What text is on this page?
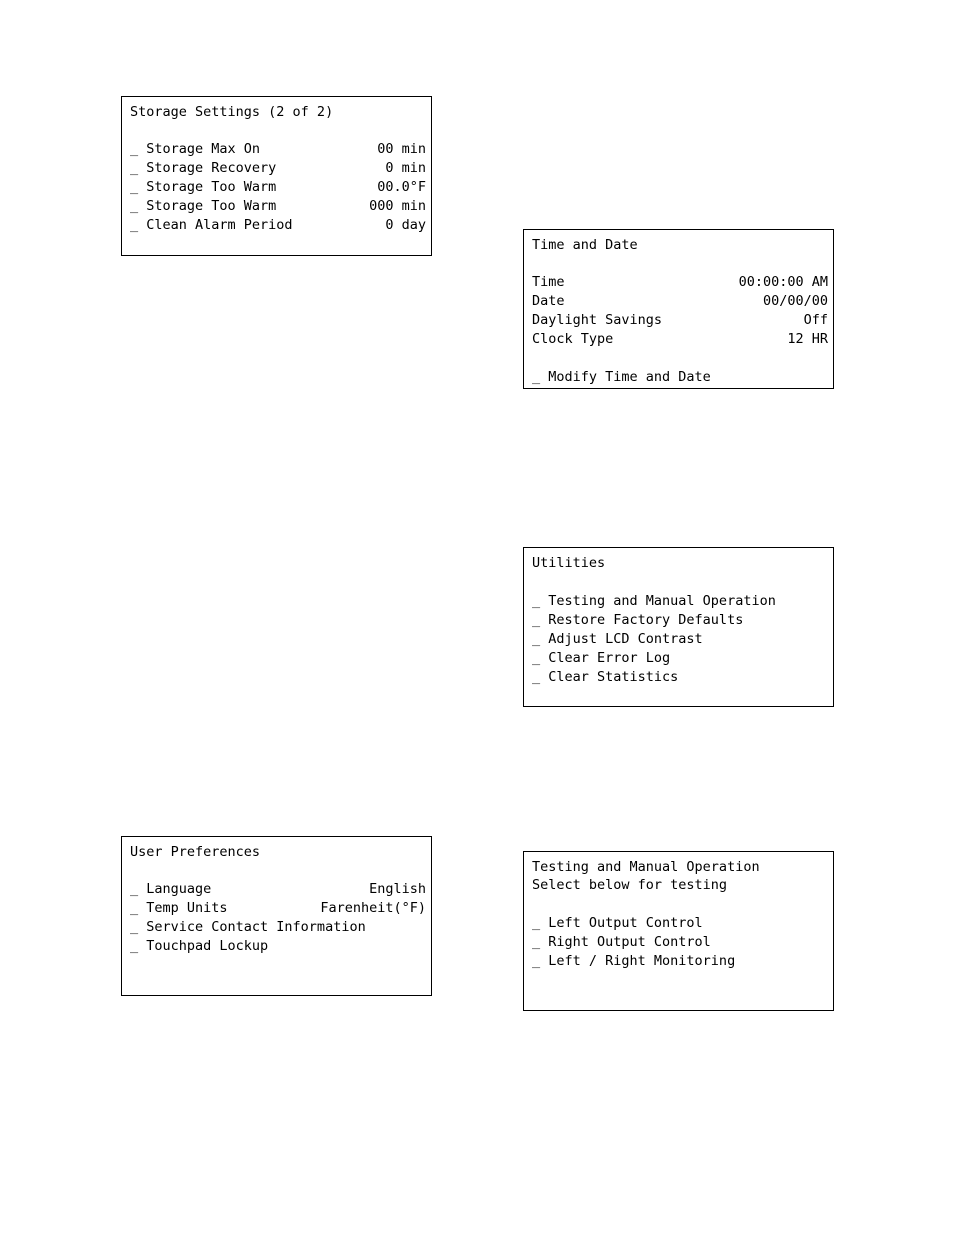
Storage Settings (2 of 2)
_ Storage Max On	00 min
_ Storage Recovery	0 min
_ Storage Too Warm	00.0°F
_ Storage Too Warm	000 min
_ Clean Alarm Period	0 day
Time and Date
Time	00:00:00 AM
Date	00/00/00
Daylight Savings	Off
Clock Type	12 HR
_ Modify Time and Date
Utilities
_ Testing and Manual Operation
_ Restore Factory Defaults
_ Adjust LCD Contrast
_ Clear Error Log
_ Clear Statistics
User Preferences
_ Language	English
_ Temp Units	Farenheit(°F)
_ Service Contact Information
_ Touchpad Lockup
Testing and Manual Operation
Select below for testing
_ Left Output Control
_ Right Output Control
_ Left / Right Monitoring
